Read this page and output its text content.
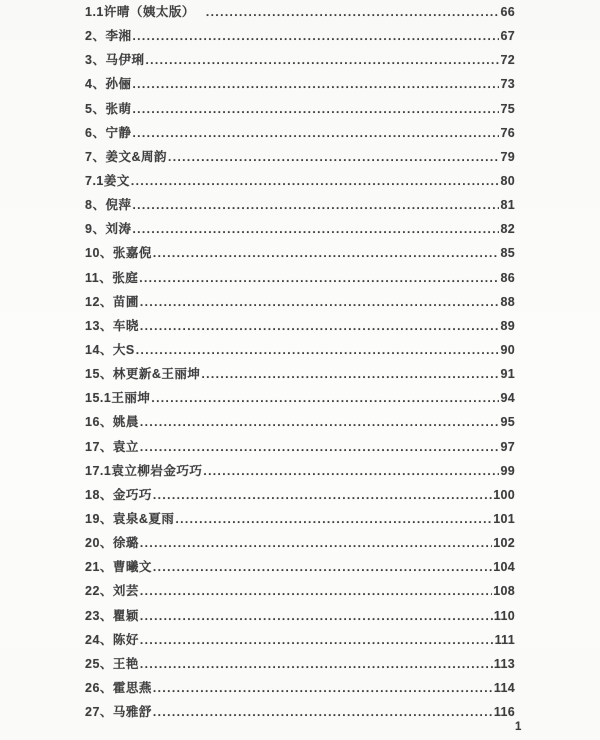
1.1许晴（姨太版） .....	66
2、李湘 .....	67
3、马伊琍 .....	72
4、孙俪 .....	73
5、张萌 .....	75
6、宁静 .....	76
7、姜文&周韵 .....	79
7.1姜文 .....	80
8、倪萍 .....	81
9、刘涛 .....	82
10、张嘉倪 .....	85
11、张庭 .....	86
12、苗圃 .....	88
13、车晓 .....	89
14、大S .....	90
15、林更新&王丽坤 .....	91
15.1王丽坤 .....	94
16、姚晨 .....	95
17、袁立 .....	97
17.1袁立柳岩金巧巧 .....	99
18、金巧巧 .....	100
19、袁泉&夏雨 .....	101
20、徐璐 .....	102
21、曹曦文 .....	104
22、刘芸 .....	108
23、瞿颖 .....	110
24、陈好 .....	111
25、王艳 .....	113
26、霍思燕 .....	114
27、马雅舒 .....	116
1
